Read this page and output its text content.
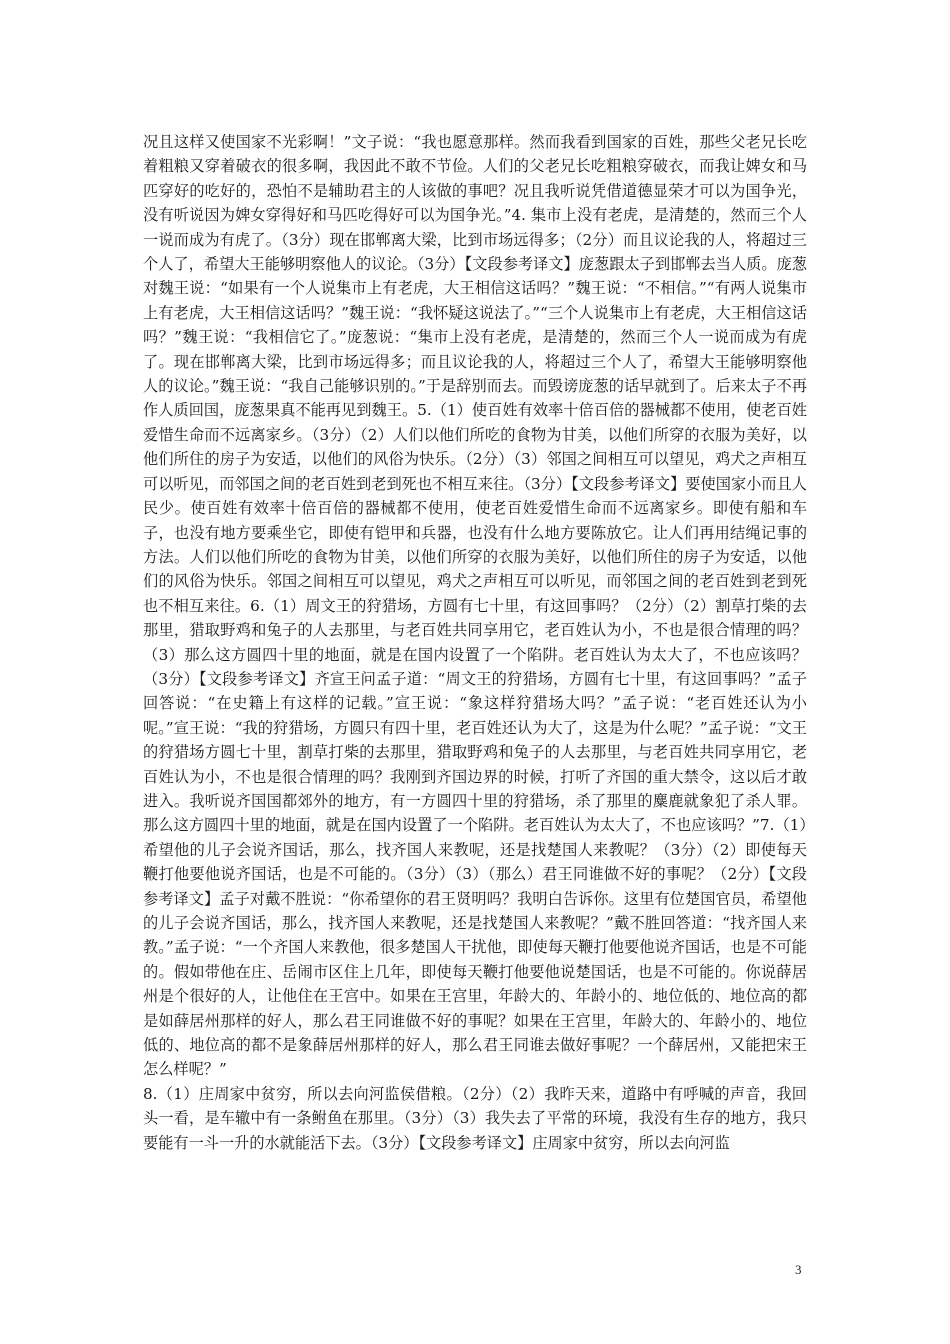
况且这样又使国家不光彩啊！”文子说：“我也愿意那样。然而我看到国家的百姓，那些父老兄长吃着粗粮又穿着破衣的很多啊，我因此不敢不节俭。人们的父老兄长吃粗粮穿破衣，而我让婢女和马匹穿好的吃好的，恐怕不是辅助君主的人该做的事吧？况且我听说凭借道德显荣才可以为国争光，没有听说因为婢女穿得好和马匹吃得好可以为国争光。”4. 集市上没有老虎，是清楚的，然而三个人一说而成为有虎了。（3分）现在邯郸离大梁，比到市场远得多；（2分）而且议论我的人，将超过三个人了，希望大王能够明察他人的议论。（3分）【文段参考译文】庞葱跟太子到邯郸去当人质。庞葱对魏王说：“如果有一个人说集市上有老虎，大王相信这话吗？”魏王说：“不相信。”“有两人说集市上有老虎，大王相信这话吗？”魏王说：“我怀疑这说法了。”“三个人说集市上有老虎，大王相信这话吗？”魏王说：“我相信它了。”庞葱说：“集市上没有老虎，是清楚的，然而三个人一说而成为有虎了。现在邯郸离大梁，比到市场远得多；而且议论我的人，将超过三个人了，希望大王能够明察他人的议论。”魏王说：“我自己能够识别的。”于是辞别而去。而毁谤庞葱的话早就到了。后来太子不再作人质回国，庞葱果真不能再见到魏王。5.（1）使百姓有效率十倍百倍的器械都不使用，使老百姓爱惜生命而不远离家乡。（3分）（2）人们以他们所吃的食物为甘美，以他们所穿的衣服为美好，以他们所住的房子为安适，以他们的风俗为快乐。（2分）（3）邻国之间相互可以望见，鸡犬之声相互可以听见，而邻国之间的老百姓到老到死也不相互来往。（3分）【文段参考译文】要使国家小而且人民少。使百姓有效率十倍百倍的器械都不使用，使老百姓爱惜生命而不远离家乡。即使有船和车子，也没有地方要乘坐它，即使有铠甲和兵器，也没有什么地方要陈放它。让人们再用结绳记事的方法。人们以他们所吃的食物为甘美，以他们所穿的衣服为美好，以他们所住的房子为安适，以他们的风俗为快乐。邻国之间相互可以望见，鸡犬之声相互可以听见，而邻国之间的老百姓到老到死也不相互来往。6.（1）周文王的狩猎场，方圆有七十里，有这回事吗？（2分）（2）割草打柴的去那里，猎取野鸡和兔子的人去那里，与老百姓共同享用它，老百姓认为小，不也是很合情理的吗？（3）那么这方圆四十里的地面，就是在国内设置了一个陷阱。老百姓认为太大了，不也应该吗？（3分）【文段参考译文】齐宣王问孟子道：“周文王的狩猎场，方圆有七十里，有这回事吗？”孟子回答说：“在史籍上有这样的记载。”宣王说：“象这样狩猎场大吗？”孟子说：“老百姓还认为小呢。”宣王说：“我的狩猎场，方圆只有四十里，老百姓还认为大了，这是为什么呢？”孟子说：“文王的狩猎场方圆七十里，割草打柴的去那里，猎取野鸡和兔子的人去那里，与老百姓共同享用它，老百姓认为小，不也是很合情理的吗？我刚到齐国边界的时候，打听了齐国的重大禁令，这以后才敢进入。我听说齐国国都郊外的地方，有一方圆四十里的狩猎场，杀了那里的麋鹿就象犯了杀人罪。那么这方圆四十里的地面，就是在国内设置了一个陷阱。老百姓认为太大了，不也应该吗？”7.（1）希望他的儿子会说齐国话，那么，找齐国人来教呢，还是找楚国人来教呢？（3分）（2）即使每天鞭打他要他说齐国话，也是不可能的。（3分）（3）（那么）君王同谁做不好的事呢？（2分）【文段参考译文】孟子对戴不胜说：“你希望你的君王贤明吗？我明白告诉你。这里有位楚国官员，希望他的儿子会说齐国话，那么，找齐国人来教呢，还是找楚国人来教呢？”戴不胜回答道：“找齐国人来教。”孟子说：“一个齐国人来教他，很多楚国人干扰他，即使每天鞭打他要他说齐国话，也是不可能的。假如带他在庄、岳闹市区住上几年，即使每天鞭打他要他说楚国话，也是不可能的。你说薛居州是个很好的人，让他住在王宫中。如果在王宫里，年龄大的、年龄小的、地位低的、地位高的都是如薛居州那样的好人，那么君王同谁做不好的事呢？如果在王宫里，年龄大的、年龄小的、地位低的、地位高的都不是象薛居州那样的好人，那么君王同谁去做好事呢？一个薛居州，又能把宋王怎么样呢？”

8.（1）庄周家中贫穷，所以去向河监侯借粮。（2分）（2）我昨天来，道路中有呼喊的声音，我回头一看，是车辙中有一条鲋鱼在那里。（3分）（3）我失去了平常的环境，我没有生存的地方，我只要能有一斗一升的水就能活下去。（3分）【文段参考译文】庄周家中贫穷，所以去向河监

3
